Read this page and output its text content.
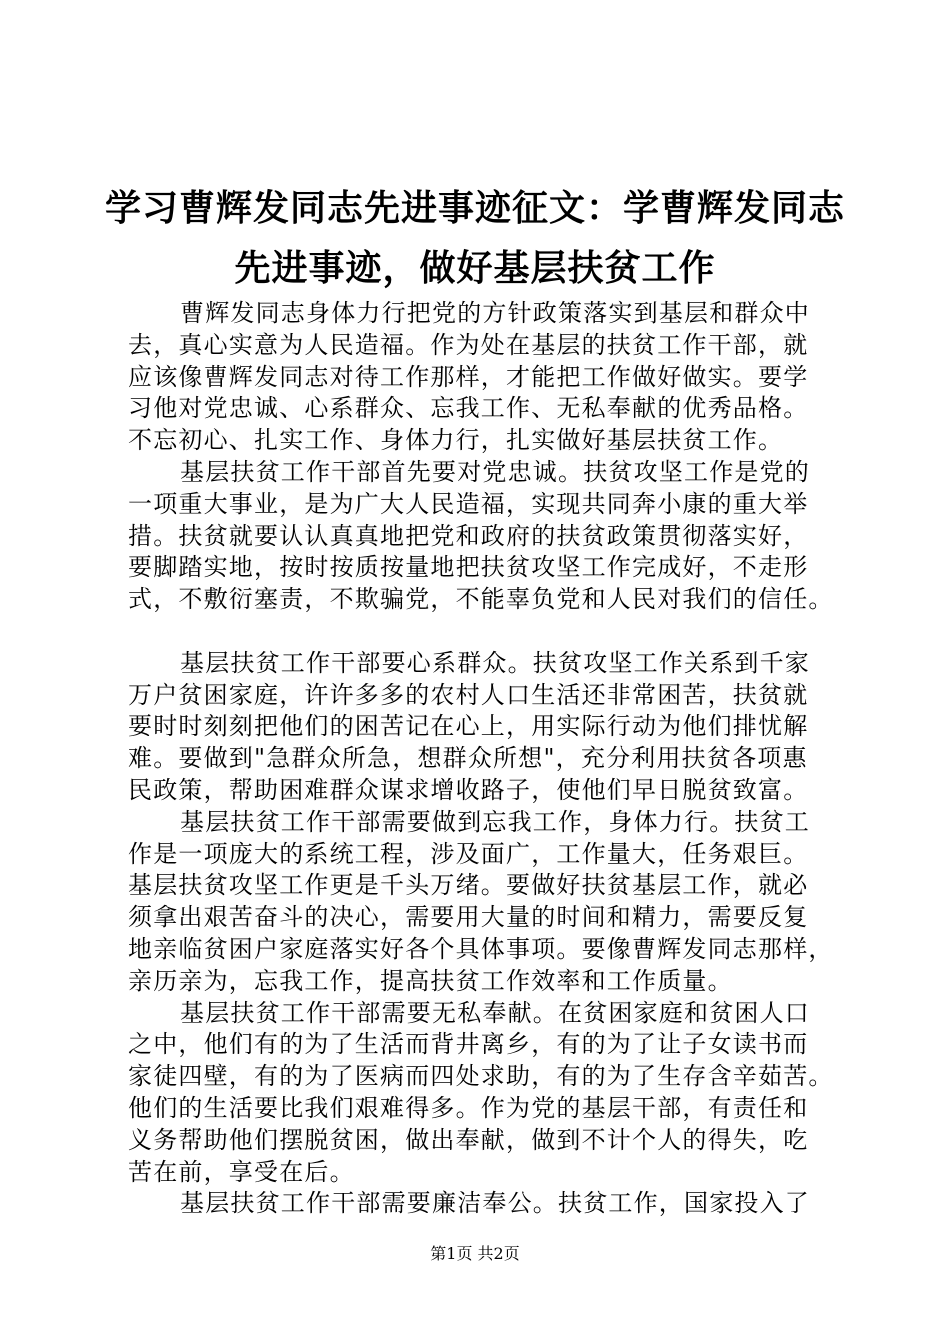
学习曹辉发同志先进事迹征文：学曹辉发同志
先进事迹，做好基层扶贫工作
曹辉发同志身体力行把党的方针政策落实到基层和群众中
去，真心实意为人民造福。作为处在基层的扶贫工作干部，就
应该像曹辉发同志对待工作那样，才能把工作做好做实。要学
习他对党忠诚、心系群众、忘我工作、无私奉献的优秀品格。
不忘初心、扎实工作、身体力行，扎实做好基层扶贫工作。
基层扶贫工作干部首先要对党忠诚。扶贫攻坚工作是党的
一项重大事业，是为广大人民造福，实现共同奔小康的重大举
措。扶贫就要认认真真地把党和政府的扶贫政策贯彻落实好，
要脚踏实地，按时按质按量地把扶贫攻坚工作完成好，不走形
式，不敷衍塞责，不欺骗党，不能辜负党和人民对我们的信任。
基层扶贫工作干部要心系群众。扶贫攻坚工作关系到千家
万户贫困家庭，许许多多的农村人口生活还非常困苦，扶贫就
要时时刻刻把他们的困苦记在心上，用实际行动为他们排忧解
难。要做到"急群众所急，想群众所想"，充分利用扶贫各项惠
民政策，帮助困难群众谋求增收路子，使他们早日脱贫致富。
基层扶贫工作干部需要做到忘我工作，身体力行。扶贫工
作是一项庞大的系统工程，涉及面广，工作量大，任务艰巨。
基层扶贫攻坚工作更是千头万绪。要做好扶贫基层工作，就必
须拿出艰苦奋斗的决心，需要用大量的时间和精力，需要反复
地亲临贫困户家庭落实好各个具体事项。要像曹辉发同志那样，
亲历亲为，忘我工作，提高扶贫工作效率和工作质量。
基层扶贫工作干部需要无私奉献。在贫困家庭和贫困人口
之中，他们有的为了生活而背井离乡，有的为了让子女读书而
家徒四壁，有的为了医病而四处求助，有的为了生存含辛茹苦。
他们的生活要比我们艰难得多。作为党的基层干部，有责任和
义务帮助他们摆脱贫困，做出奉献，做到不计个人的得失，吃
苦在前，享受在后。
基层扶贫工作干部需要廉洁奉公。扶贫工作，国家投入了
第1页 共2页
